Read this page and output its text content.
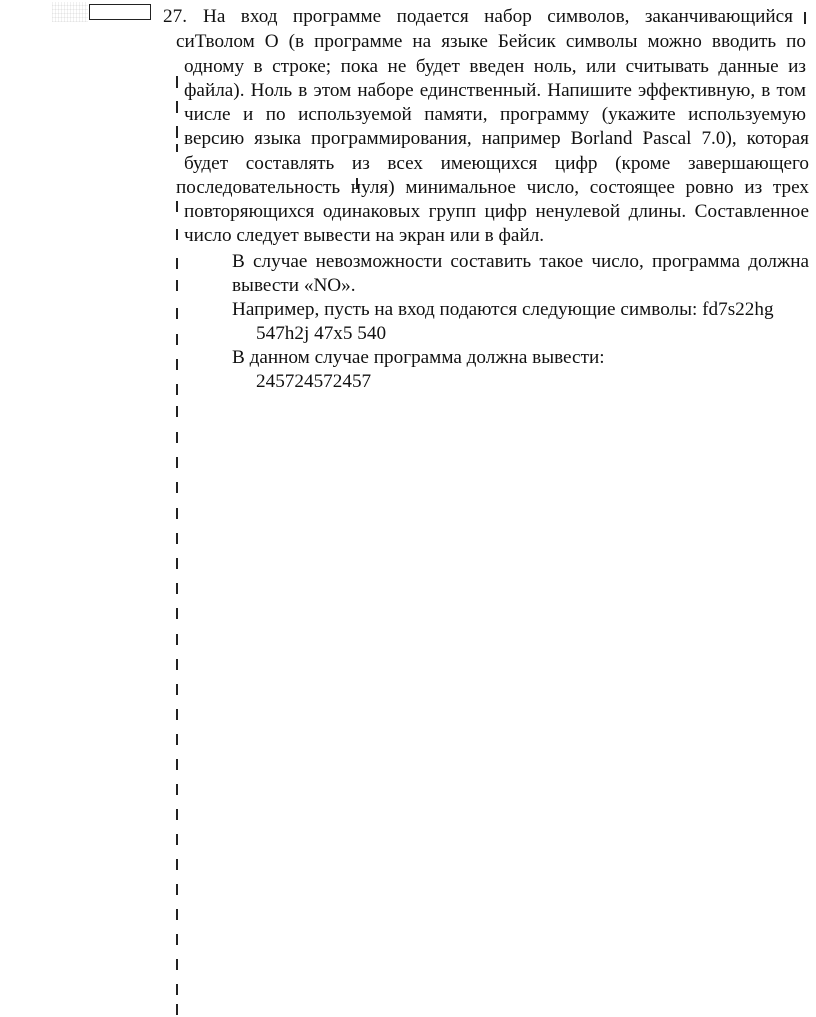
27. На вход программе подается набор символов, заканчивающийся
сиТволом О (в программе на языке Бейсик символы можно вводить по
одному в строке; пока не будет введен ноль, или считывать данные из
файла). Ноль в этом наборе единственный. Напишите эффективную, в том
числе и по используемой памяти, программу (укажите используемую
версию языка программирования, например Borland Pascal 7.0), которая
будет составлять из всех имеющихся цифр (кроме завершающего
последовательность нуля) минимальное число, состоящее ровно из трех
повторяющихся одинаковых групп цифр ненулевой длины. Составленное
число следует вывести на экран или в файл.
В случае невозможности составить такое число, программа должна
вывести «NO».
Например, пусть на вход подаются следующие символы: fd7s22hg
547h2j 47x5 540
В данном случае программа должна вывести:
245724572457
